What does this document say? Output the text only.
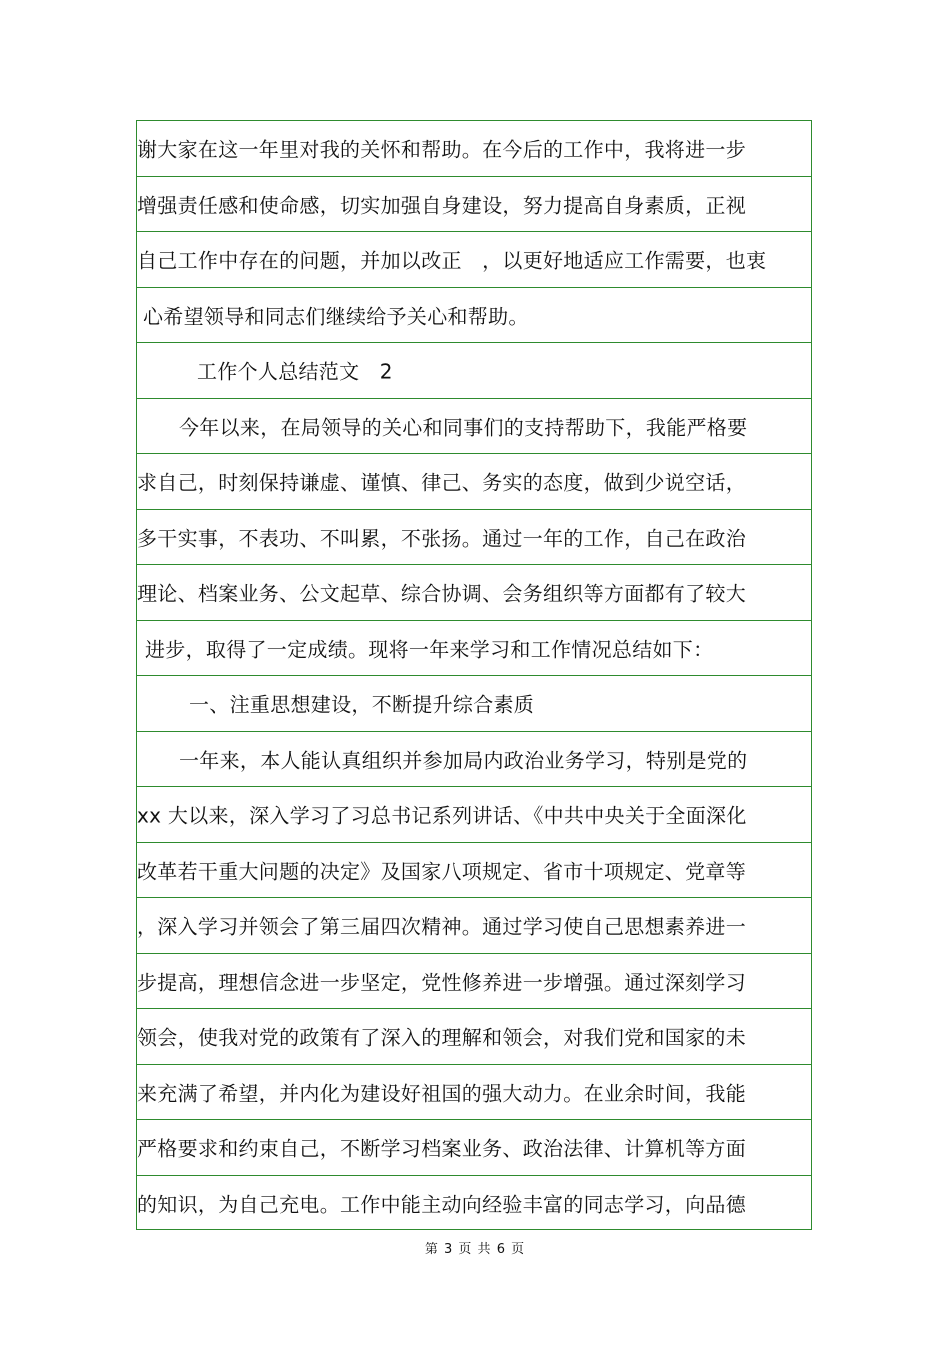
谢大家在这一年里对我的关怀和帮助。在今后的工作中，我将进一步
增强责任感和使命感，切实加强自身建设，努力提高自身素质，正视
自己工作中存在的问题，并加以改正　，以更好地适应工作需要，也衷
心希望领导和同志们继续给予关心和帮助。
工作个人总结范文　2
今年以来，在局领导的关心和同事们的支持帮助下，我能严格要
求自己，时刻保持谦虚、谨慎、律己、务实的态度，做到少说空话，
多干实事，不表功、不叫累，不张扬。通过一年的工作，自己在政治
理论、档案业务、公文起草、综合协调、会务组织等方面都有了较大
进步，取得了一定成绩。现将一年来学习和工作情况总结如下：
一、注重思想建设，不断提升综合素质
一年来，本人能认真组织并参加局内政治业务学习，特别是党的
xx 大以来，深入学习了习总书记系列讲话、《中共中央关于全面深化
改革若干重大问题的决定》及国家八项规定、省市十项规定、党章等
，深入学习并领会了第三届四次精神。通过学习使自己思想素养进一
步提高，理想信念进一步坚定，党性修养进一步增强。通过深刻学习
领会，使我对党的政策有了深入的理解和领会，对我们党和国家的未
来充满了希望，并内化为建设好祖国的强大动力。在业余时间，我能
严格要求和约束自己，不断学习档案业务、政治法律、计算机等方面
的知识，为自己充电。工作中能主动向经验丰富的同志学习，向品德
第 3 页 共 6 页
